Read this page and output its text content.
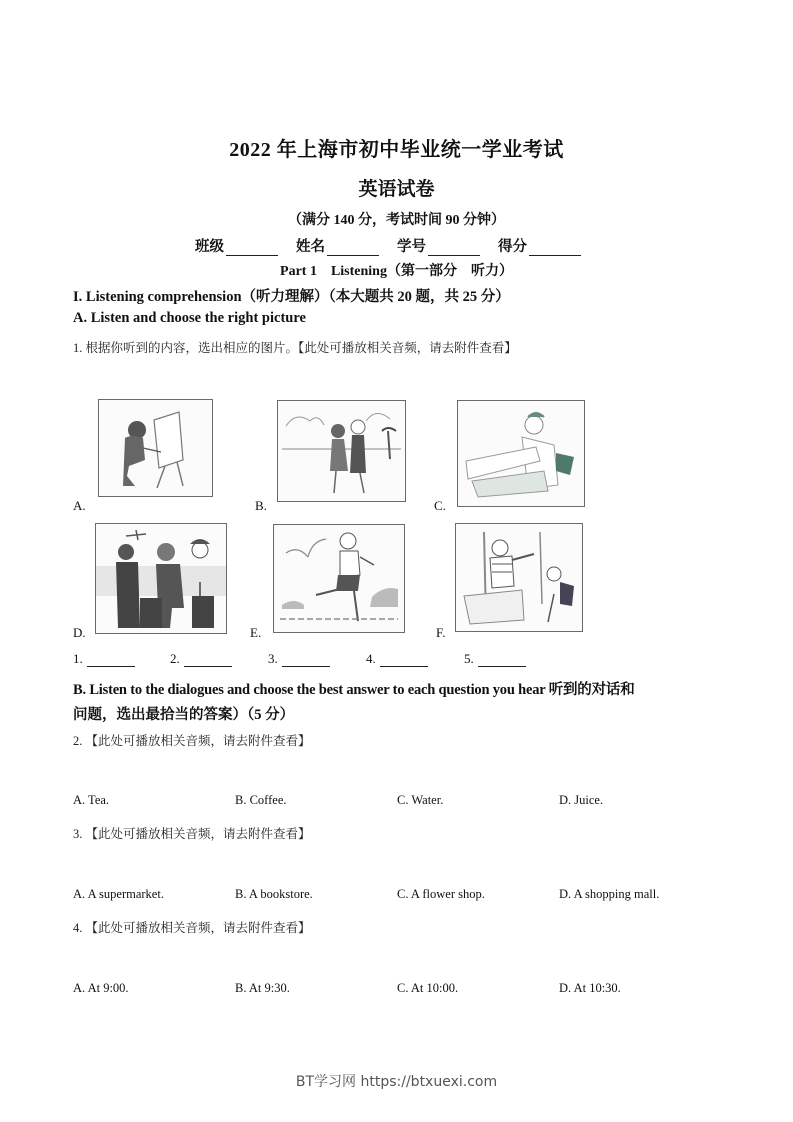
2022 年上海市初中毕业统一学业考试
英语试卷
（满分 140 分，考试时间 90 分钟）
班级	姓名	学号	得分
Part 1　Listening（第一部分　听力）
I. Listening comprehension（听力理解）（本大题共 20 题，共 25 分）
A. Listen and choose the right picture
1. 根据你听到的内容，选出相应的图片。【此处可播放相关音频，请去附件查看】
A.	B.	C.
D.	E.	F.
1.	2.	3.	4.	5.
B. Listen to the dialogues and choose the best answer to each question you hear 听到的对话和
问题，选出最拾当的答案）（5 分）
2. 【此处可播放相关音频，请去附件查看】
A. Tea.	B. Coffee.	C. Water.	D. Juice.
3. 【此处可播放相关音频，请去附件查看】
A. A supermarket.	B. A bookstore.	C. A flower shop.	D. A shopping mall.
4. 【此处可播放相关音频，请去附件查看】
A. At 9:00.	B. At 9:30.	C. At 10:00.	D. At 10:30.
BT学习网 https://btxuexi.com
